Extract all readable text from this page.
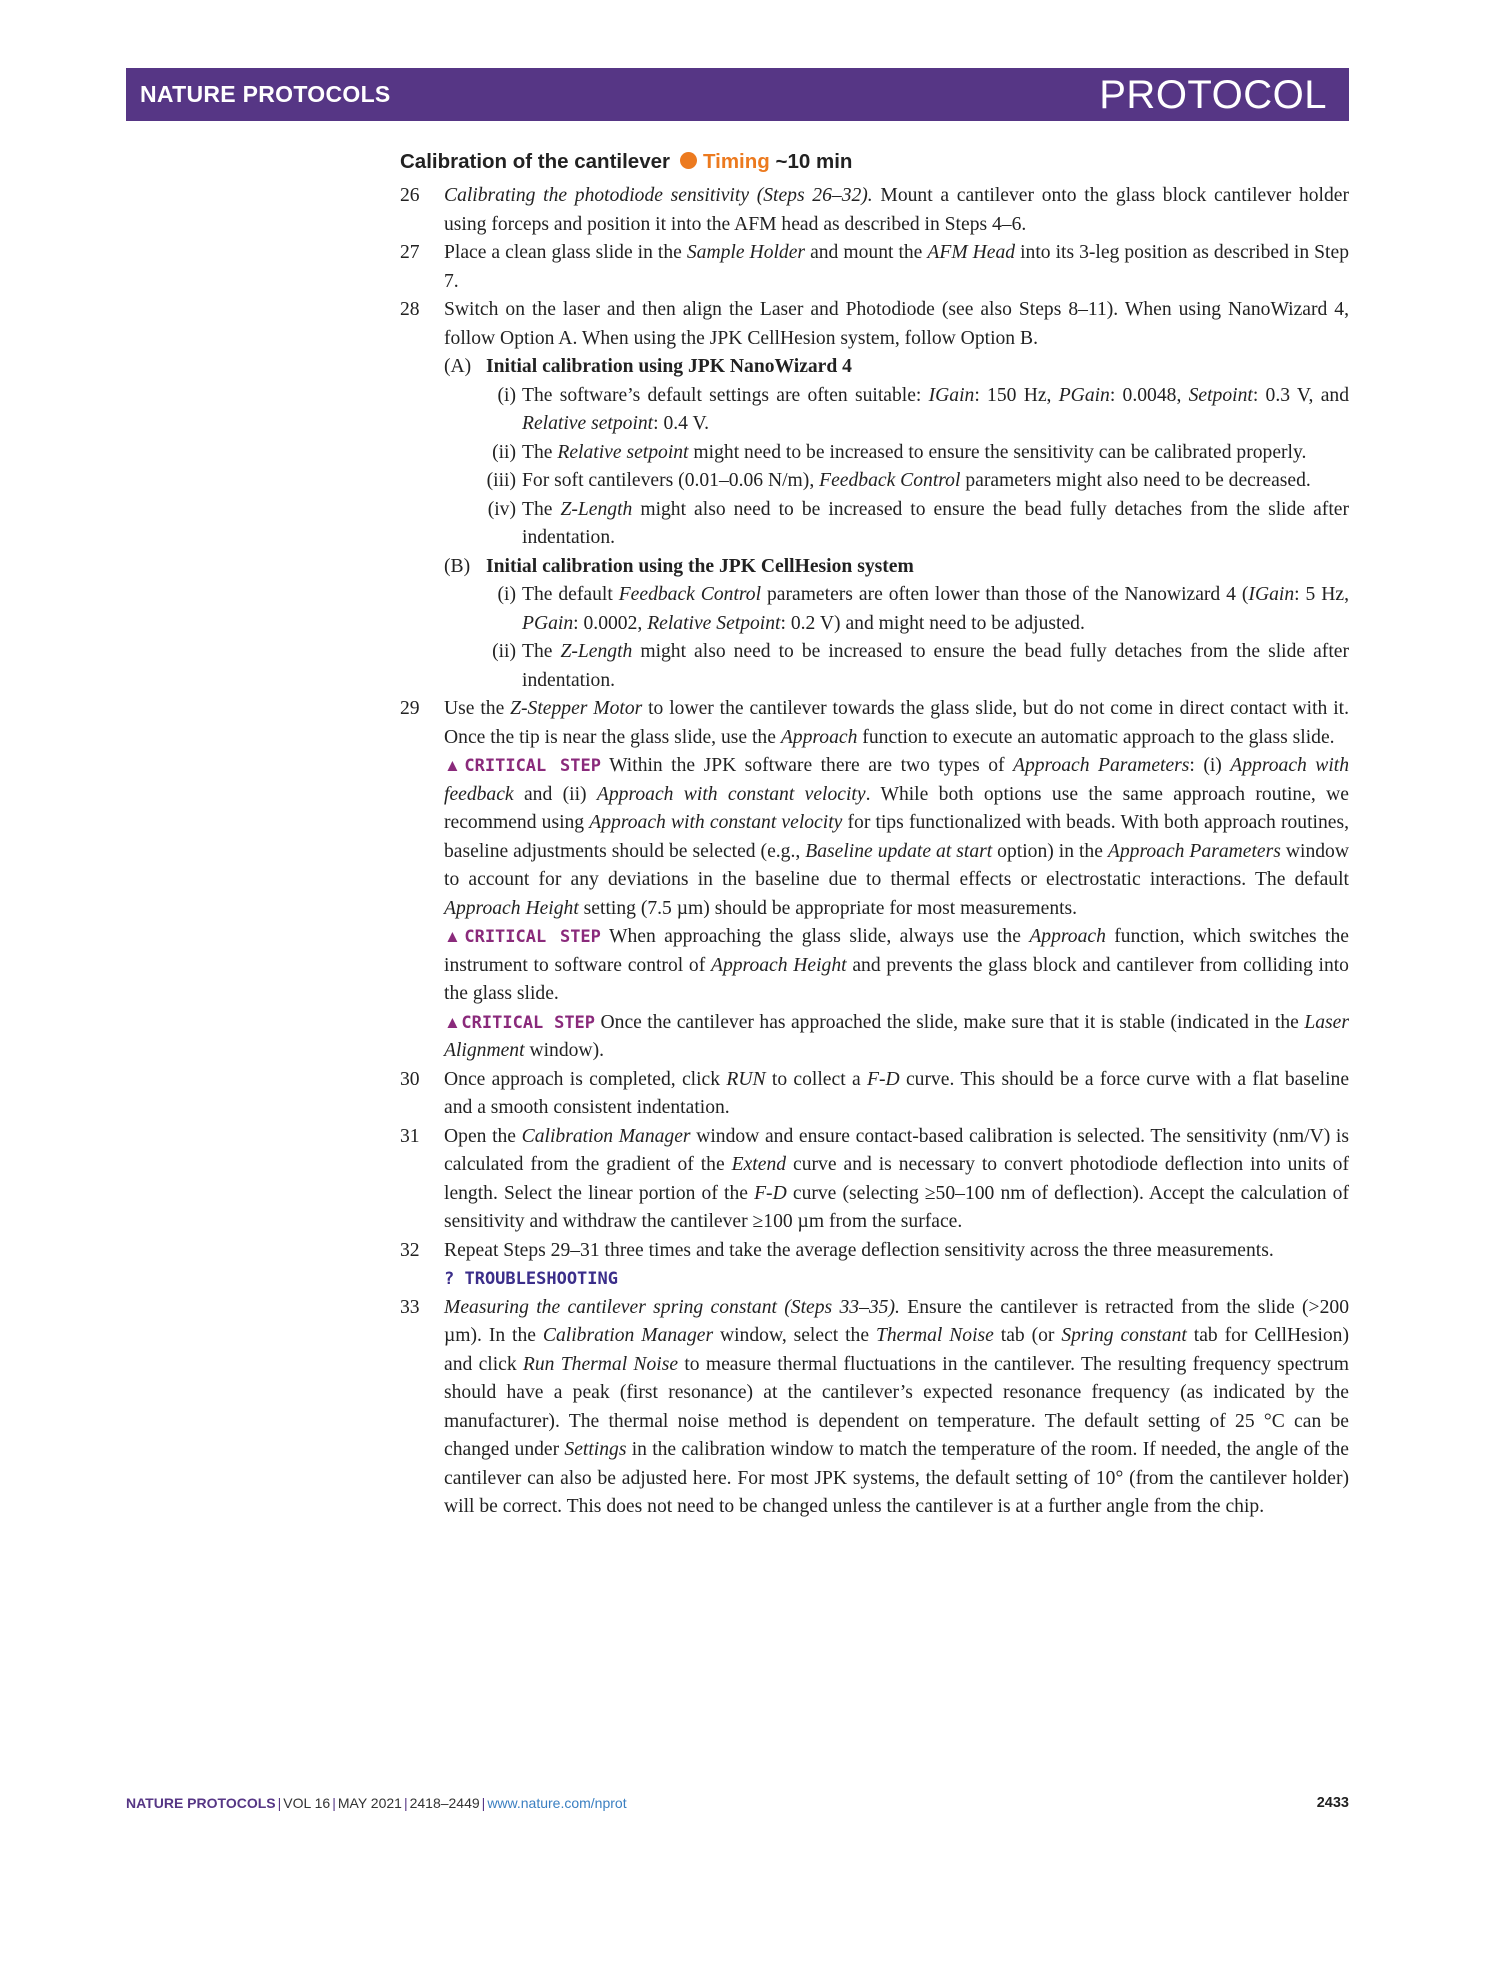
NATURE PROTOCOLS	PROTOCOL
Calibration of the cantilever Timing ~10 min
26 Calibrating the photodiode sensitivity (Steps 26–32). Mount a cantilever onto the glass block cantilever holder using forceps and position it into the AFM head as described in Steps 4–6.
27 Place a clean glass slide in the Sample Holder and mount the AFM Head into its 3-leg position as described in Step 7.
28 Switch on the laser and then align the Laser and Photodiode (see also Steps 8–11). When using NanoWizard 4, follow Option A. When using the JPK CellHesion system, follow Option B.
(A) Initial calibration using JPK NanoWizard 4
(i) The software’s default settings are often suitable: IGain: 150 Hz, PGain: 0.0048, Setpoint: 0.3 V, and Relative setpoint: 0.4 V.
(ii) The Relative setpoint might need to be increased to ensure the sensitivity can be calibrated properly.
(iii) For soft cantilevers (0.01–0.06 N/m), Feedback Control parameters might also need to be decreased.
(iv) The Z-Length might also need to be increased to ensure the bead fully detaches from the slide after indentation.
(B) Initial calibration using the JPK CellHesion system
(i) The default Feedback Control parameters are often lower than those of the Nanowizard 4 (IGain: 5 Hz, PGain: 0.0002, Relative Setpoint: 0.2 V) and might need to be adjusted.
(ii) The Z-Length might also need to be increased to ensure the bead fully detaches from the slide after indentation.
29 Use the Z-Stepper Motor to lower the cantilever towards the glass slide, but do not come in direct contact with it. Once the tip is near the glass slide, use the Approach function to execute an automatic approach to the glass slide.
▲CRITICAL STEP Within the JPK software there are two types of Approach Parameters: (i) Approach with feedback and (ii) Approach with constant velocity. While both options use the same approach routine, we recommend using Approach with constant velocity for tips functionalized with beads. With both approach routines, baseline adjustments should be selected (e.g., Baseline update at start option) in the Approach Parameters window to account for any deviations in the baseline due to thermal effects or electrostatic interactions. The default Approach Height setting (7.5 µm) should be appropriate for most measurements.
▲CRITICAL STEP When approaching the glass slide, always use the Approach function, which switches the instrument to software control of Approach Height and prevents the glass block and cantilever from colliding into the glass slide.
▲CRITICAL STEP Once the cantilever has approached the slide, make sure that it is stable (indicated in the Laser Alignment window).
30 Once approach is completed, click RUN to collect a F-D curve. This should be a force curve with a flat baseline and a smooth consistent indentation.
31 Open the Calibration Manager window and ensure contact-based calibration is selected. The sensitivity (nm/V) is calculated from the gradient of the Extend curve and is necessary to convert photodiode deflection into units of length. Select the linear portion of the F-D curve (selecting ≥50–100 nm of deflection). Accept the calculation of sensitivity and withdraw the cantilever ≥100 µm from the surface.
32 Repeat Steps 29–31 three times and take the average deflection sensitivity across the three measurements.
? TROUBLESHOOTING
33 Measuring the cantilever spring constant (Steps 33–35). Ensure the cantilever is retracted from the slide (>200 µm). In the Calibration Manager window, select the Thermal Noise tab (or Spring constant tab for CellHesion) and click Run Thermal Noise to measure thermal fluctuations in the cantilever. The resulting frequency spectrum should have a peak (first resonance) at the cantilever’s expected resonance frequency (as indicated by the manufacturer). The thermal noise method is dependent on temperature. The default setting of 25 °C can be changed under Settings in the calibration window to match the temperature of the room. If needed, the angle of the cantilever can also be adjusted here. For most JPK systems, the default setting of 10° (from the cantilever holder) will be correct. This does not need to be changed unless the cantilever is at a further angle from the chip.
NATURE PROTOCOLS | VOL 16 | MAY 2021 | 2418–2449 | www.nature.com/nprot	2433
